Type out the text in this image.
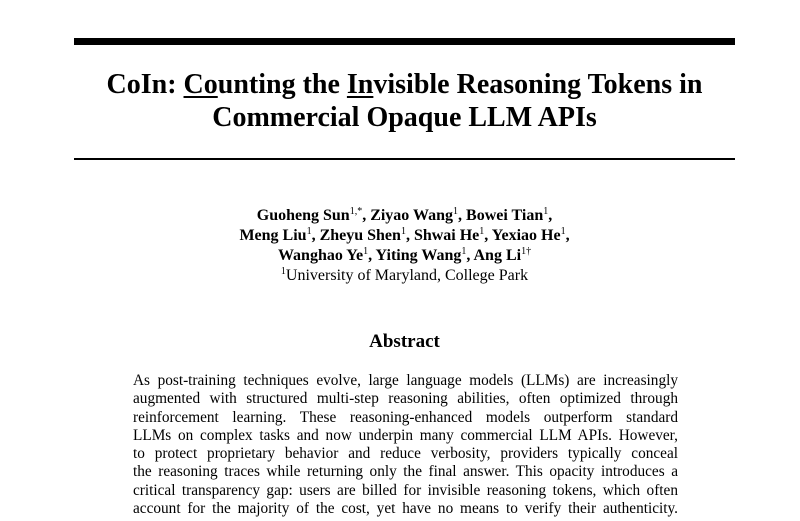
CoIn: Counting the Invisible Reasoning Tokens in
Commercial Opaque LLM APIs
Guoheng Sun$^{1,*}$, Ziyao Wang$^1$, Bowei Tian$^1$,
Meng Liu$^1$, Zheyu Shen$^1$, Shwai He$^1$, Yexiao He$^1$,
Wanghao Ye$^1$, Yiting Wang$^1$, Ang $Li^{1\dagger}$
$^1$University of Maryland, College Park
Abstract

As post-training techniques evolve, large language models (LLMs) are increasingly
augmented with structured multi-step reasoning abilities, often optimized through
reinforcement learning. These reasoning-enhanced models outperform standard
LLMs on complex tasks and now underpin many commercial LLM APIs. However,
to protect proprietary behavior and reduce verbosity, providers typically conceal
the reasoning traces while returning only the final answer. This opacity introduces a
critical transparency gap: users are billed for invisible reasoning tokens, which often
account for the majority of the cost, yet have no means to verify their authenticity.
